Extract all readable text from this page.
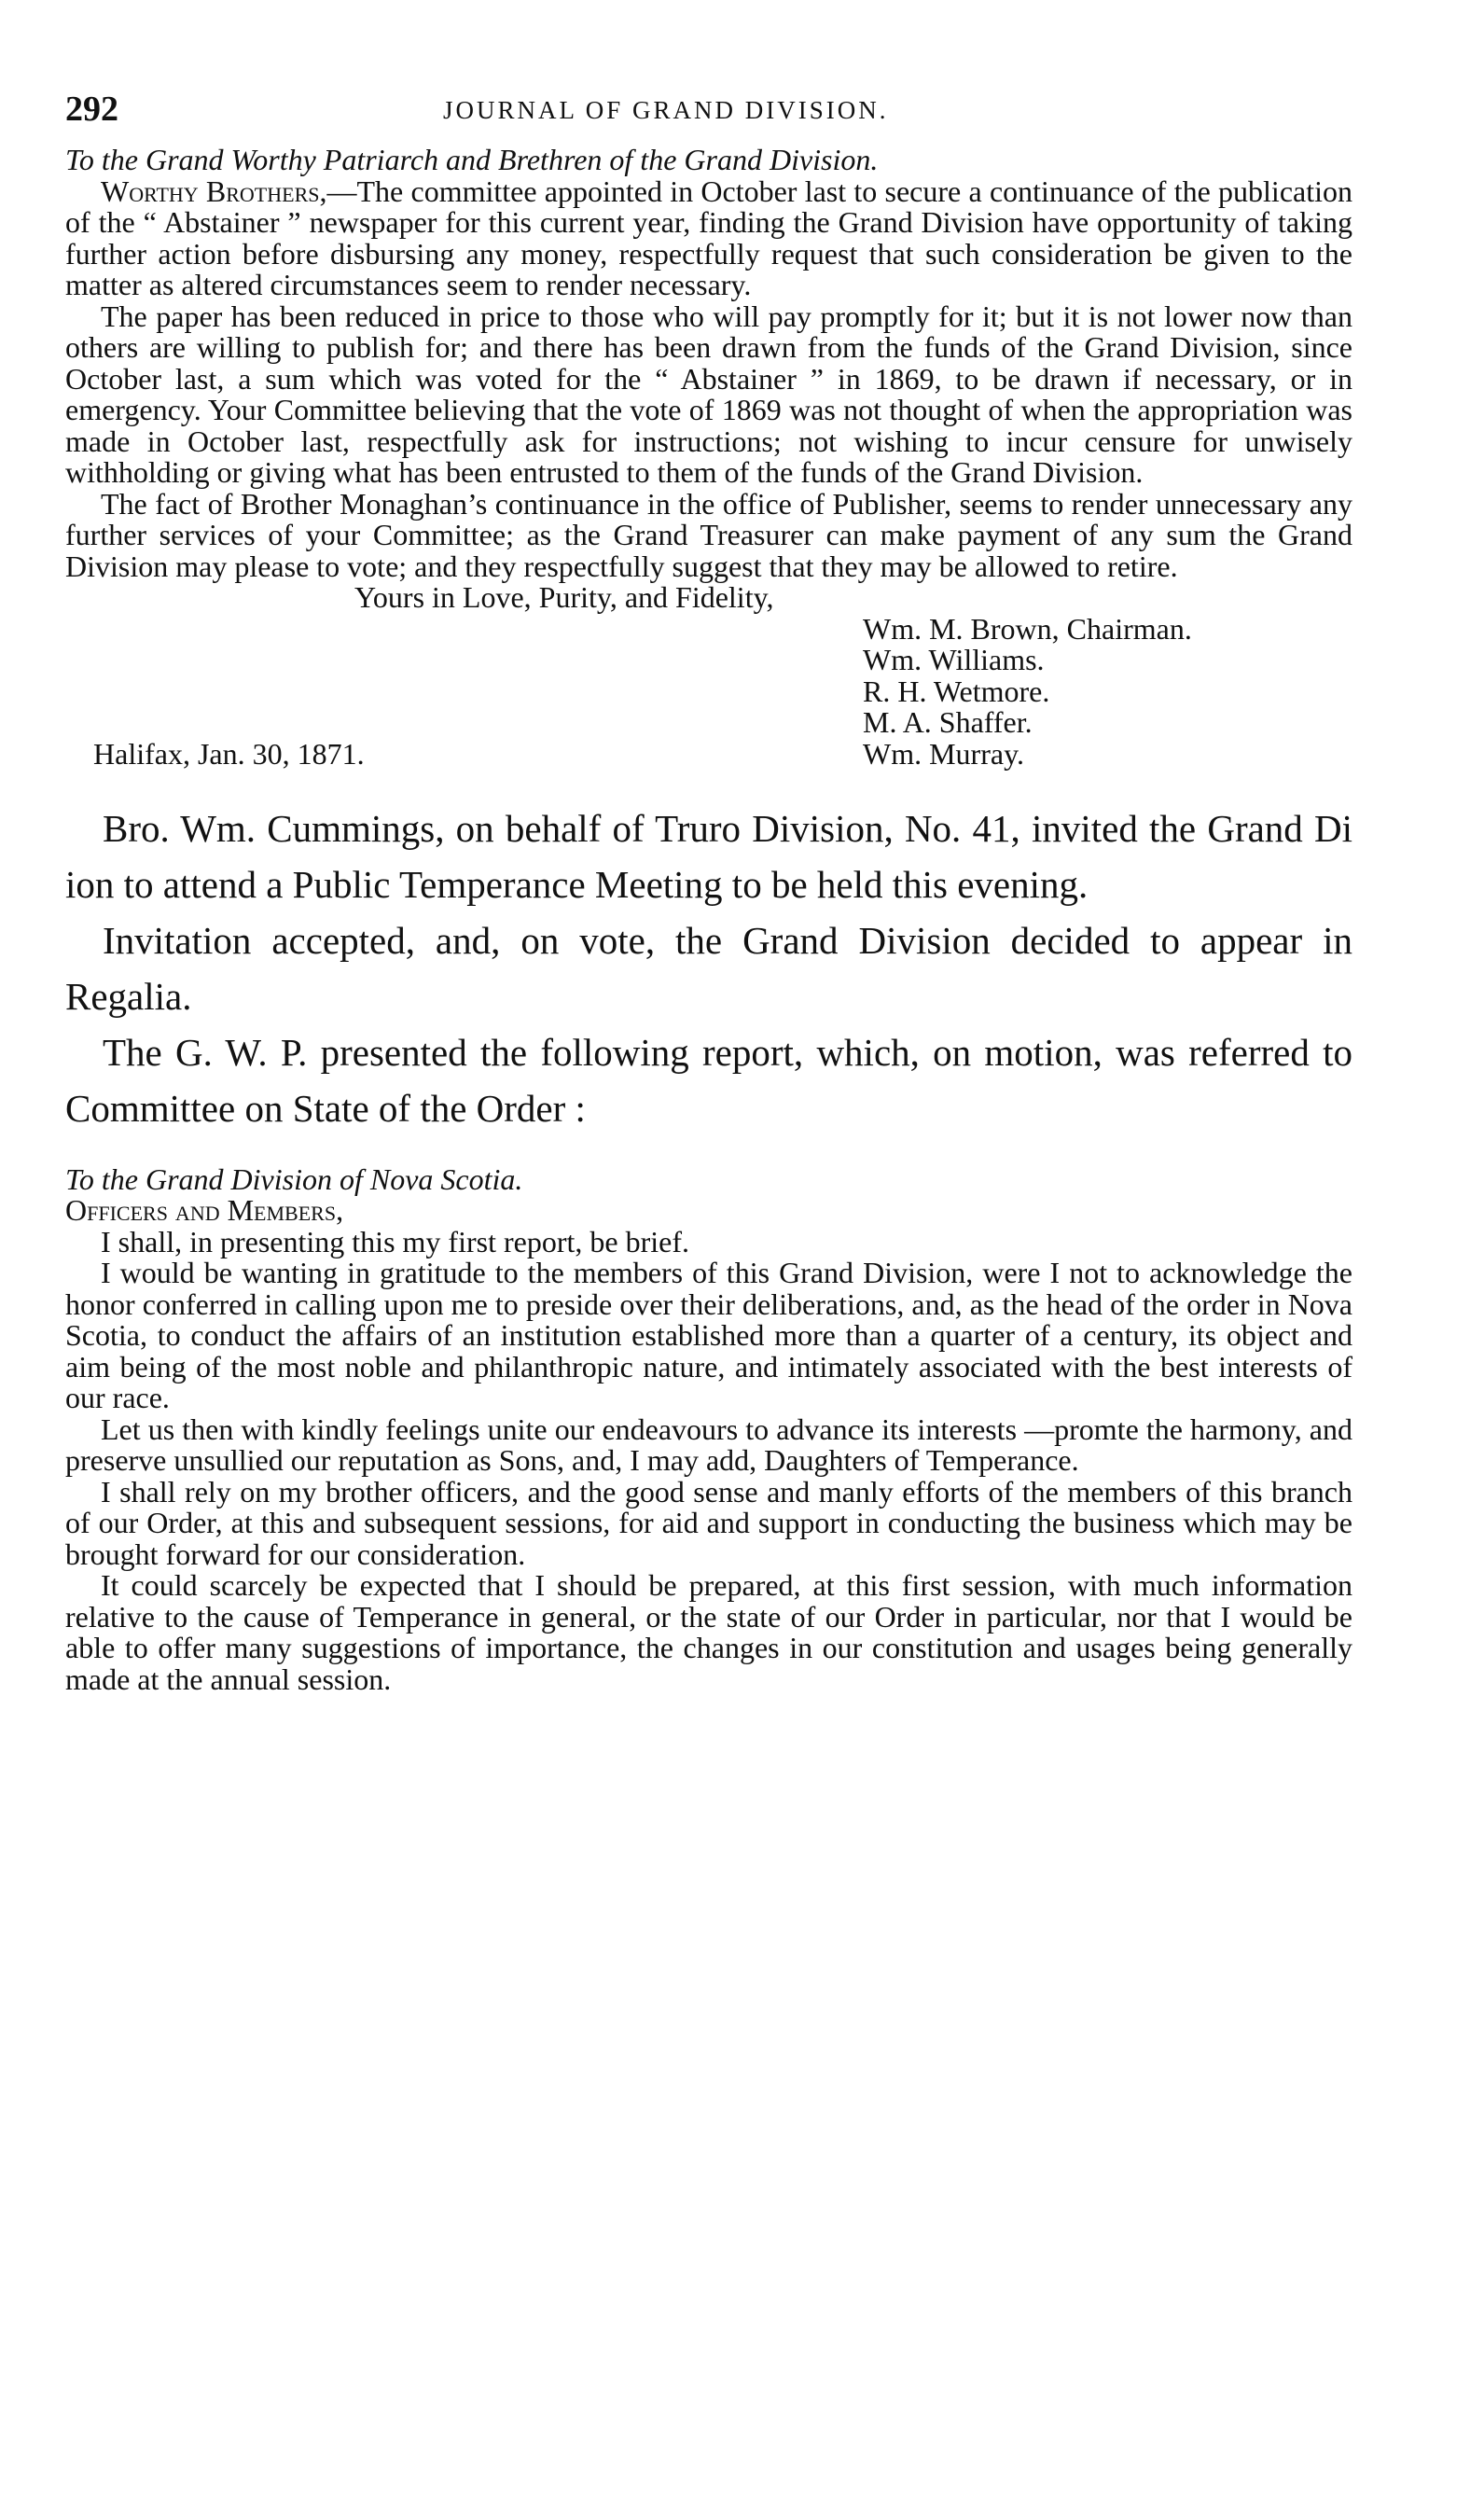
292	JOURNAL OF GRAND DIVISION.
To the Grand Worthy Patriarch and Brethren of the Grand Division.

Worthy Brothers,—The committee appointed in October last to secure a continuance of the publication of the “ Abstainer ” newspaper for this current year, finding the Grand Division have opportunity of taking further action before disbursing any money, respectfully request that such consideration be given to the matter as altered circumstances seem to render necessary.

The paper has been reduced in price to those who will pay promptly for it; but it is not lower now than others are willing to publish for; and there has been drawn from the funds of the Grand Division, since October last, a sum which was voted for the “ Abstainer ” in 1869, to be drawn if necessary, or in emergency. Your Committee believing that the vote of 1869 was not thought of when the appropriation was made in October last, respectfully ask for instructions; not wishing to incur censure for unwisely withholding or giving what has been entrusted to them of the funds of the Grand Division.

The fact of Brother Monaghan’s continuance in the office of Publisher, seems to render unnecessary any further services of your Committee; as the Grand Treasurer can make payment of any sum the Grand Division may please to vote; and they respectfully suggest that they may be allowed to retire.

Yours in Love, Purity, and Fidelity,
Wm. M. Brown, Chairman.
Wm. Williams.
R. H. Wetmore.
M. A. Shaffer.
Wm. Murray.
Halifax, Jan. 30, 1871.

Bro. Wm. Cummings, on behalf of Truro Division, No. 41, invited the Grand Di ion to attend a Public Temperance Meeting to be held this evening.

Invitation accepted, and, on vote, the Grand Division decided to appear in Regalia.

The G. W. P. presented the following report, which, on motion, was referred to Committee on State of the Order :

To the Grand Division of Nova Scotia.
Officers and Members,

I shall, in presenting this my first report, be brief.

I would be wanting in gratitude to the members of this Grand Division, were I not to acknowledge the honor conferred in calling upon me to preside over their deliberations, and, as the head of the order in Nova Scotia, to conduct the affairs of an institution established more than a quarter of a century, its object and aim being of the most noble and philanthropic nature, and intimately associated with the best interests of our race.

Let us then with kindly feelings unite our endeavours to advance its interests —promte the harmony, and preserve unsullied our reputation as Sons, and, I may add, Daughters of Temperance.

I shall rely on my brother officers, and the good sense and manly efforts of the members of this branch of our Order, at this and subsequent sessions, for aid and support in conducting the business which may be brought forward for our consideration.

It could scarcely be expected that I should be prepared, at this first session, with much information relative to the cause of Temperance in general, or the state of our Order in particular, nor that I would be able to offer many suggestions of importance, the changes in our constitution and usages being generally made at the annual session.
